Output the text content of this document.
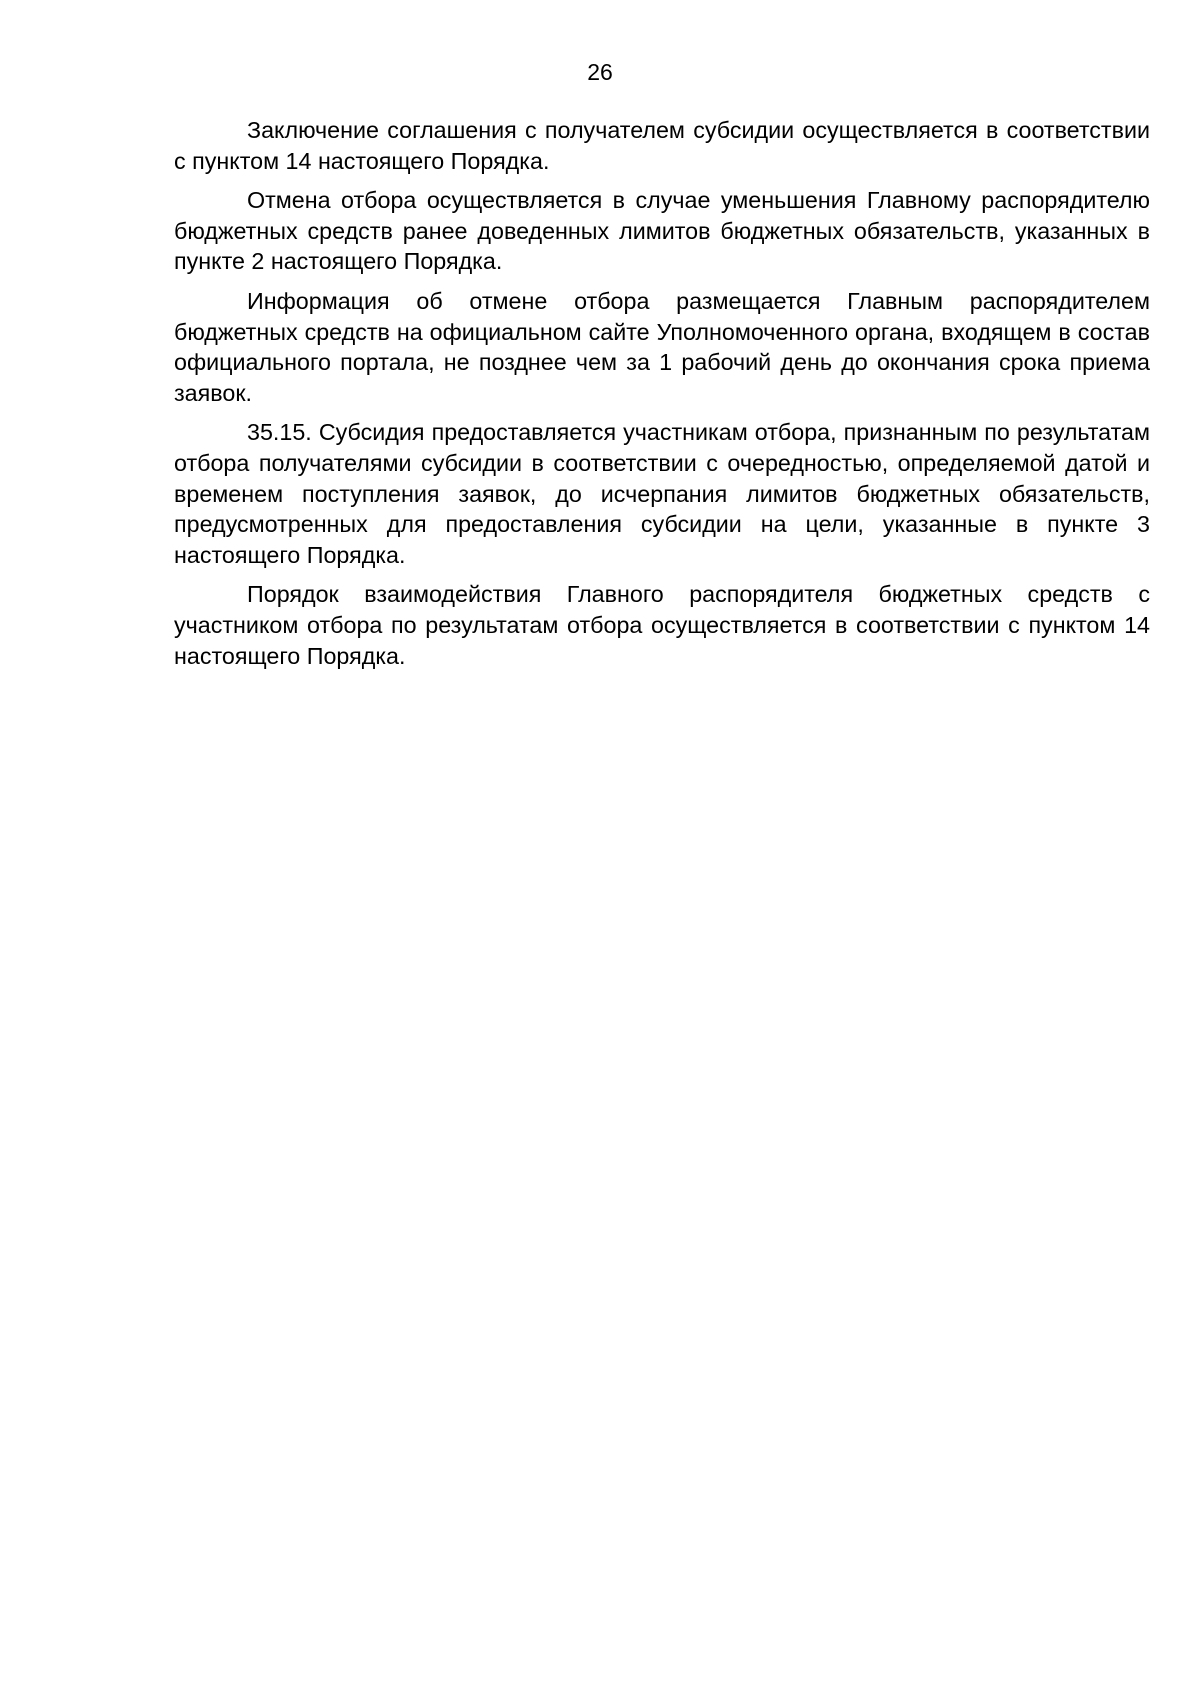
26

Заключение соглашения с получателем субсидии осуществляется в соответствии с пунктом 14 настоящего Порядка.

Отмена отбора осуществляется в случае уменьшения Главному распорядителю бюджетных средств ранее доведенных лимитов бюджетных обязательств, указанных в пункте 2 настоящего Порядка.

Информация об отмене отбора размещается Главным распорядителем бюджетных средств на официальном сайте Уполномоченного органа, входящем в состав официального портала, не позднее чем за 1 рабочий день до окончания срока приема заявок.

35.15. Субсидия предоставляется участникам отбора, признанным по результатам отбора получателями субсидии в соответствии с очередностью, определяемой датой и временем поступления заявок, до исчерпания лимитов бюджетных обязательств, предусмотренных для предоставления субсидии на цели, указанные в пункте 3 настоящего Порядка.

Порядок взаимодействия Главного распорядителя бюджетных средств с участником отбора по результатам отбора осуществляется в соответствии с пунктом 14 настоящего Порядка.
